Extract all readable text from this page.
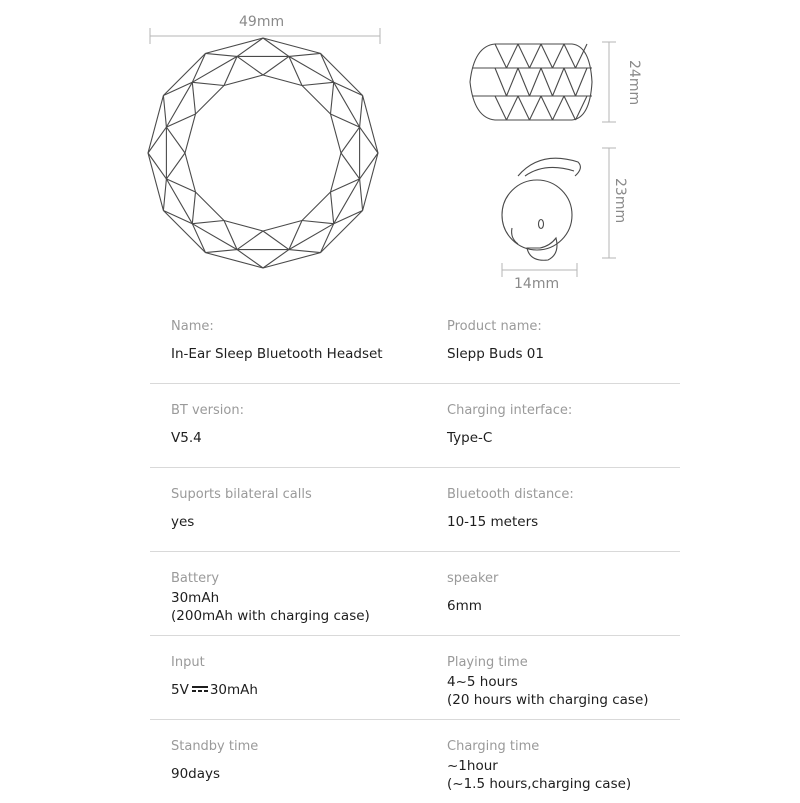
49mm
24mm
23mm
14mm
Name:
In-Ear Sleep Bluetooth Headset
Product name:
Slepp Buds 01
BT version:
V5.4
Charging interface:
Type-C
Suports bilateral calls
yes
Bluetooth distance:
10-15 meters
Battery
30mAh
(200mAh with charging case)
speaker
6mm
Input
5V 30mAh
Playing time
4~5 hours
(20 hours with charging case)
Standby time
90days
Charging time
~1hour
(~1.5 hours,charging case)
